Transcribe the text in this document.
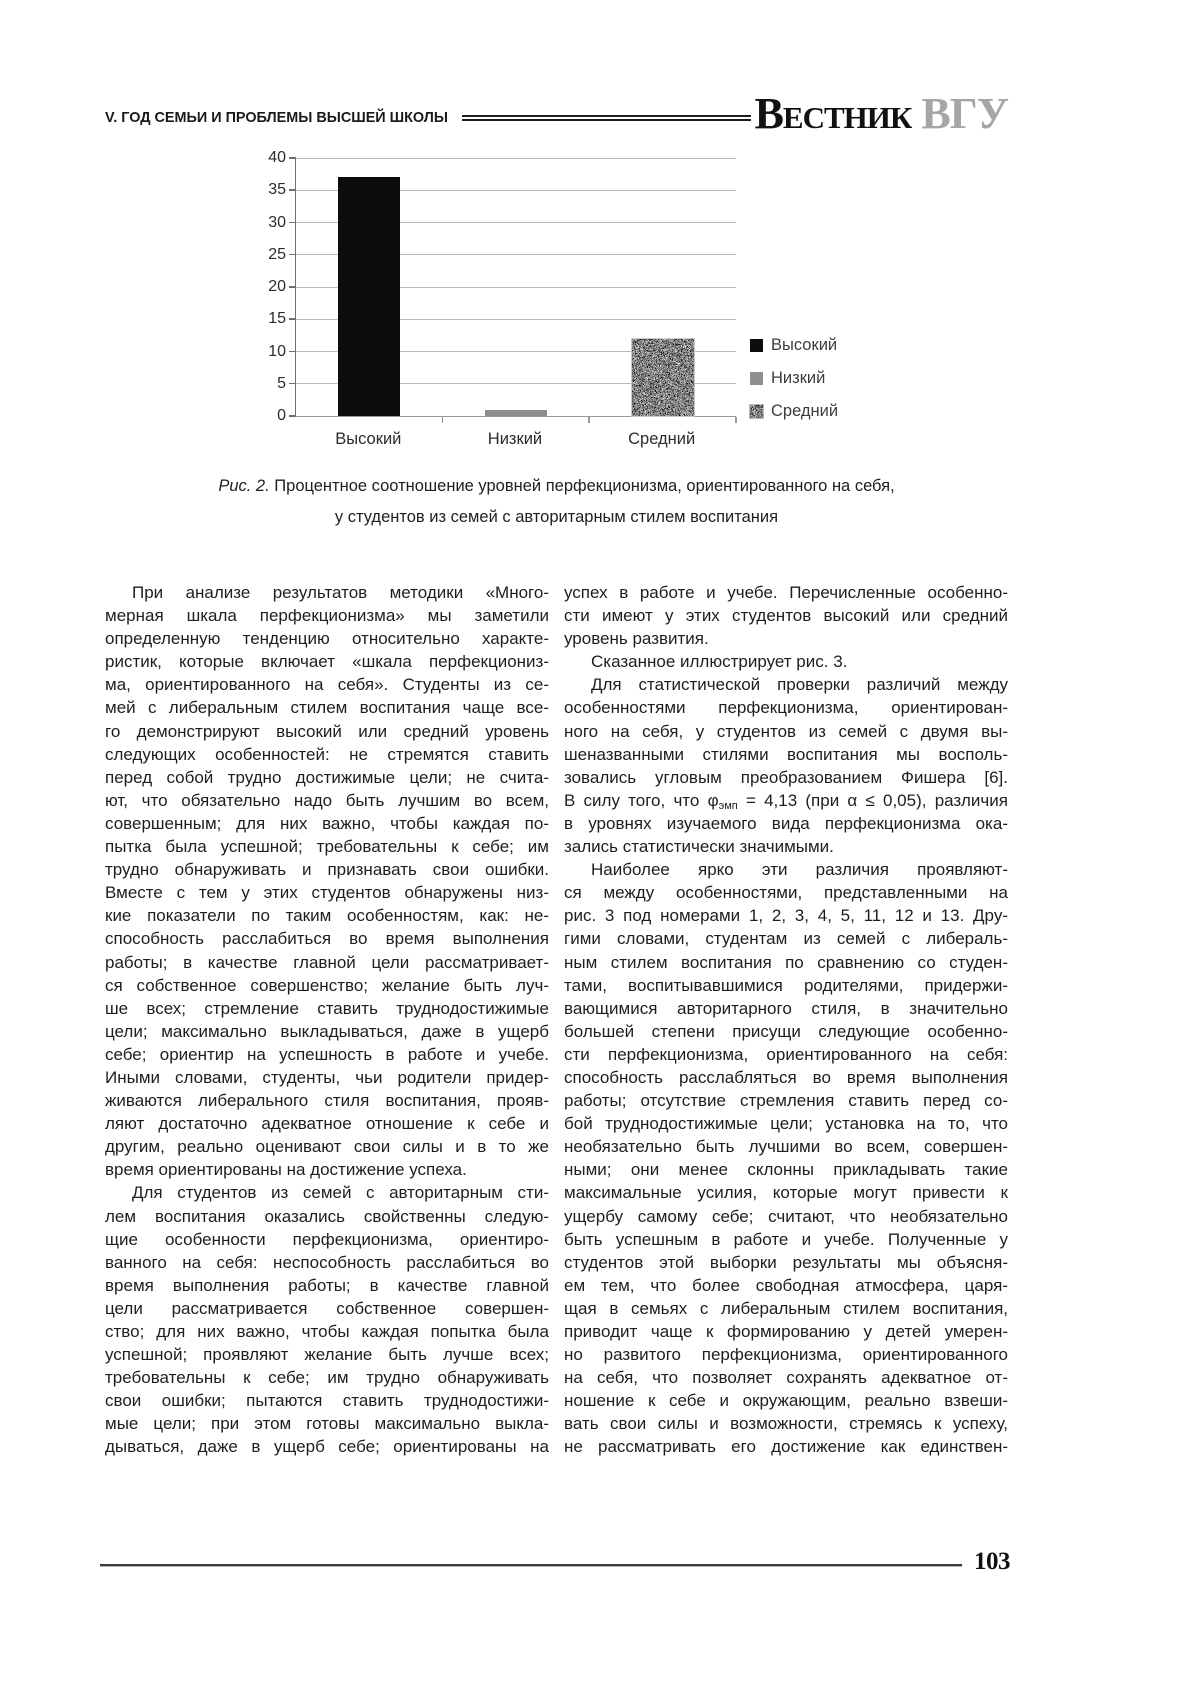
V. ГОД СЕМЬИ И ПРОБЛЕМЫ ВЫСШЕЙ ШКОЛЫ	Вестник ВГУ
0
5
10
15
20
25
30
35
40
Высокий
Низкий
Средний
Высокий	Низкий	Средний
Рис. 2. Процентное соотношение уровней перфекционизма, ориентированного на себя,
у студентов из семей с авторитарным стилем воспитания
При анализе результатов методики «Много-
мерная шкала перфекционизма» мы заметили
определенную тенденцию относительно характе-
ристик, которые включает «шкала перфекциониз-
ма, ориентированного на себя». Студенты из се-
мей с либеральным стилем воспитания чаще все-
го демонстрируют высокий или средний уровень
следующих особенностей: не стремятся ставить
перед собой трудно достижимые цели; не счита-
ют, что обязательно надо быть лучшим во всем,
совершенным; для них важно, чтобы каждая по-
пытка была успешной; требовательны к себе; им
трудно обнаруживать и признавать свои ошибки.
Вместе с тем у этих студентов обнаружены низ-
кие показатели по таким особенностям, как: не-
способность расслабиться во время выполнения
работы; в качестве главной цели рассматривает-
ся собственное совершенство; желание быть луч-
ше всех; стремление ставить труднодостижимые
цели; максимально выкладываться, даже в ущерб
себе; ориентир на успешность в работе и учебе.
Иными словами, студенты, чьи родители придер-
живаются либерального стиля воспитания, прояв-
ляют достаточно адекватное отношение к себе и
другим, реально оценивают свои силы и в то же
время ориентированы на достижение успеха.
Для студентов из семей с авторитарным сти-
лем воспитания оказались свойственны следую-
щие особенности перфекционизма, ориентиро-
ванного на себя: неспособность расслабиться во
время выполнения работы; в качестве главной
цели рассматривается собственное совершен-
ство; для них важно, чтобы каждая попытка была
успешной; проявляют желание быть лучше всех;
требовательны к себе; им трудно обнаруживать
свои ошибки; пытаются ставить труднодостижи-
мые цели; при этом готовы максимально выкла-
дываться, даже в ущерб себе; ориентированы на
успех в работе и учебе. Перечисленные особенно-
сти имеют у этих студентов высокий или средний
уровень развития.
Сказанное иллюстрирует рис. 3.
Для статистической проверки различий между
особенностями перфекционизма, ориентирован-
ного на себя, у студентов из семей с двумя вы-
шеназванными стилями воспитания мы восполь-
зовались угловым преобразованием Фишера [6].
В силу того, что $\varphi_{эмп} = 4,13$ (при α ≤ 0,05), различия
в уровнях изучаемого вида перфекционизма ока-
зались статистически значимыми.
Наиболее ярко эти различия проявляют-
ся между особенностями, представленными на
рис. 3 под номерами 1, 2, 3, 4, 5, 11, 12 и 13. Дру-
гими словами, студентам из семей с либераль-
ным стилем воспитания по сравнению со студен-
тами, воспитывавшимися родителями, придержи-
вающимися авторитарного стиля, в значительно
большей степени присущи следующие особенно-
сти перфекционизма, ориентированного на себя:
способность расслабляться во время выполнения
работы; отсутствие стремления ставить перед со-
бой труднодостижимые цели; установка на то, что
необязательно быть лучшими во всем, совершен-
ными; они менее склонны прикладывать такие
максимальные усилия, которые могут привести к
ущербу самому себе; считают, что необязательно
быть успешным в работе и учебе. Полученные у
студентов этой выборки результаты мы объясня-
ем тем, что более свободная атмосфера, царя-
щая в семьях с либеральным стилем воспитания,
приводит чаще к формированию у детей умерен-
но развитого перфекционизма, ориентированного
на себя, что позволяет сохранять адекватное от-
ношение к себе и окружающим, реально взвеши-
вать свои силы и возможности, стремясь к успеху,
не рассматривать его достижение как единствен-
103
